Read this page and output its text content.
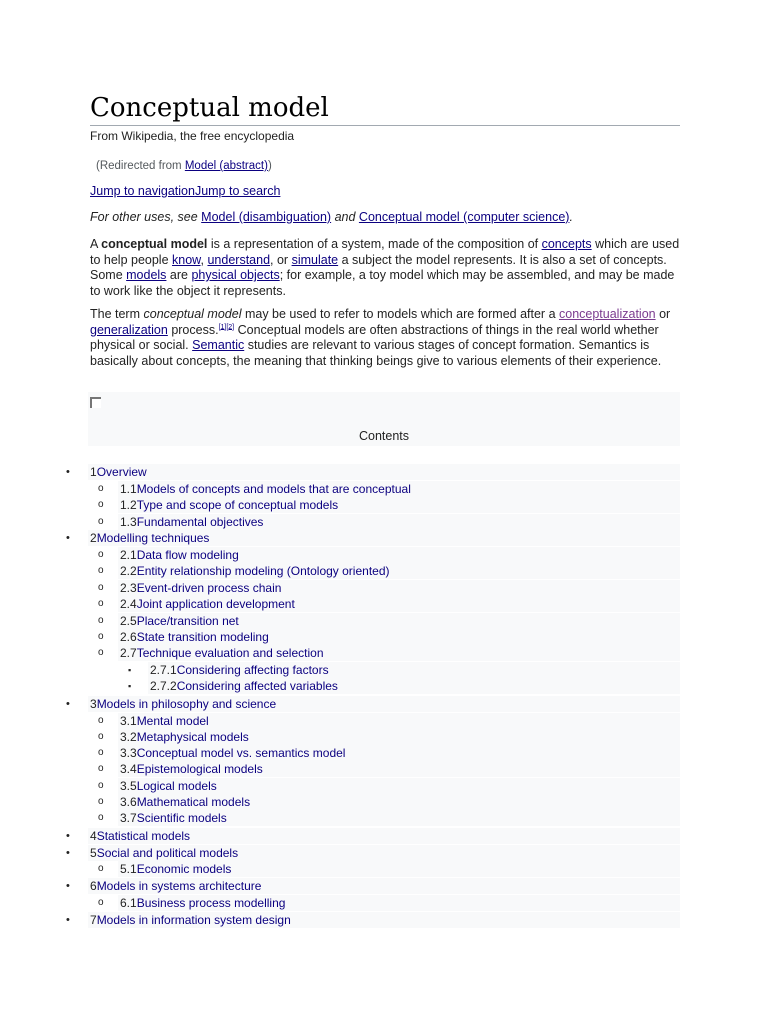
Conceptual model
From Wikipedia, the free encyclopedia
(Redirected from Model (abstract))
Jump to navigationJump to search
For other uses, see Model (disambiguation) and Conceptual model (computer science).

A conceptual model is a representation of a system, made of the composition of concepts which are used to help people know, understand, or simulate a subject the model represents. It is also a set of concepts. Some models are physical objects; for example, a toy model which may be assembled, and may be made to work like the object it represents.

The term conceptual model may be used to refer to models which are formed after a conceptualization or generalization process.[1][2] Conceptual models are often abstractions of things in the real world whether physical or social. Semantic studies are relevant to various stages of concept formation. Semantics is basically about concepts, the meaning that thinking beings give to various elements of their experience.

Contents
• 1Overview
o 1.1Models of concepts and models that are conceptual
o 1.2Type and scope of conceptual models
o 1.3Fundamental objectives
• 2Modelling techniques
o 2.1Data flow modeling
o 2.2Entity relationship modeling (Ontology oriented)
o 2.3Event-driven process chain
o 2.4Joint application development
o 2.5Place/transition net
o 2.6State transition modeling
o 2.7Technique evaluation and selection
▪ 2.7.1Considering affecting factors
▪ 2.7.2Considering affected variables
• 3Models in philosophy and science
o 3.1Mental model
o 3.2Metaphysical models
o 3.3Conceptual model vs. semantics model
o 3.4Epistemological models
o 3.5Logical models
o 3.6Mathematical models
o 3.7Scientific models
• 4Statistical models
• 5Social and political models
o 5.1Economic models
• 6Models in systems architecture
o 6.1Business process modelling
• 7Models in information system design
